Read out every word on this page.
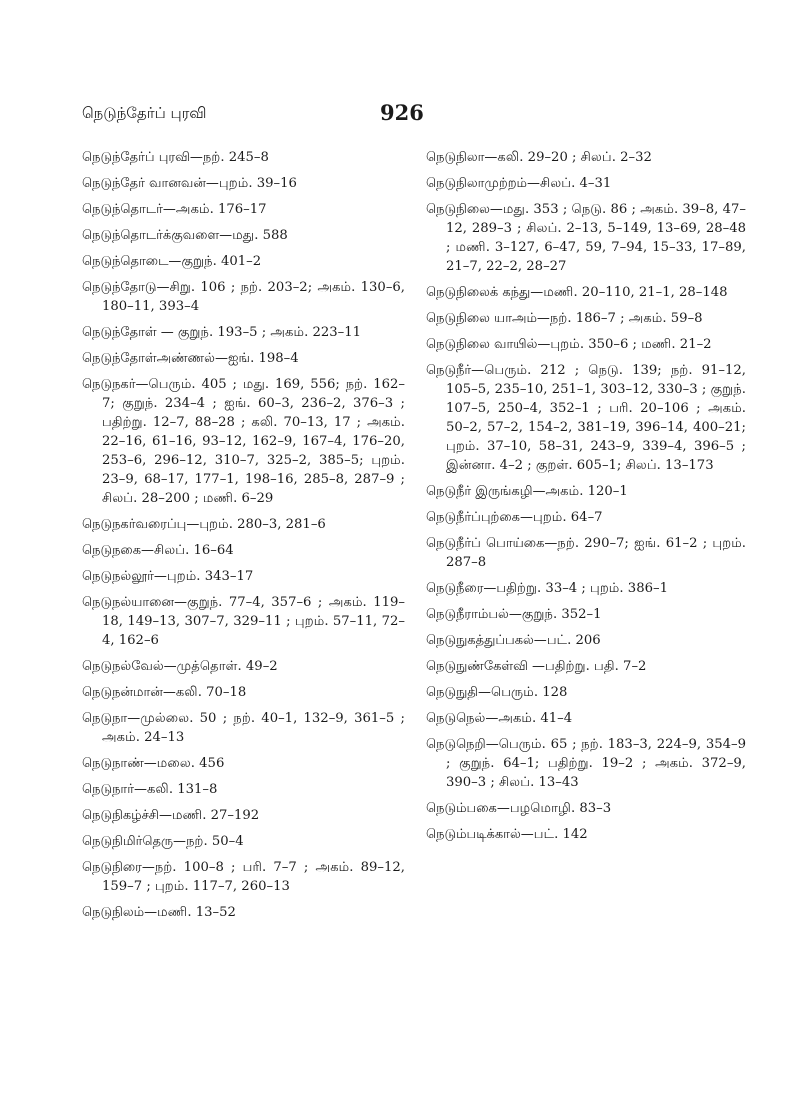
நெடுந்தேர்ப் புரவி	926
நெடுந்தேர்ப் புரவி—நற். 245–8
நெடுந்தேர் வானவன்—புறம். 39–16
நெடுந்தொடர்—அகம். 176–17
நெடுந்தொடர்க்குவளை—மது. 588
நெடுந்தொடை—குறுந். 401–2
நெடுந்தோடு—சிறு. 106 ; நற். 203–2; அகம். 130–6, 180–11, 393–4
நெடுந்தோள் — குறுந். 193–5 ; அகம். 223–11
நெடுந்தோள்அண்ணல்—ஐங். 198–4
நெடுநகர்—பெரும். 405 ; மது. 169, 556; நற். 162–7; குறுந். 234–4 ; ஐங். 60–3, 236–2, 376–3 ; பதிற்று. 12–7, 88–28 ; கலி. 70–13, 17 ; அகம். 22–16, 61–16, 93–12, 162–9, 167–4, 176–20, 253–6, 296–12, 310–7, 325–2, 385–5; புறம். 23–9, 68–17, 177–1, 198–16, 285–8, 287–9 ; சிலப். 28–200 ; மணி. 6–29
நெடுநகர்வரைப்பு—புறம். 280–3, 281–6
நெடுநகை—சிலப். 16–64
நெடுநல்லூர்—புறம். 343–17
நெடுநல்யானை—குறுந். 77–4, 357–6 ; அகம். 119–18, 149–13, 307–7, 329–11 ; புறம். 57–11, 72–4, 162–6
நெடுநல்வேல்—முத்தொள். 49–2
நெடுநன்மான்—கலி. 70–18
நெடுநா—முல்லை. 50 ; நற். 40–1, 132–9, 361–5 ; அகம். 24–13
நெடுநாண்—மலை. 456
நெடுநார்—கலி. 131–8
நெடுநிகழ்ச்சி—மணி. 27–192
நெடுநிமிர்தெரு—நற். 50–4
நெடுநிரை—நற். 100–8 ; பரி. 7–7 ; அகம். 89–12, 159–7 ; புறம். 117–7, 260–13
நெடுநிலம்—மணி. 13–52
நெடுநிலா—கலி. 29–20 ; சிலப். 2–32
நெடுநிலாமுற்றம்—சிலப். 4–31
நெடுநிலை—மது. 353 ; நெடு. 86 ; அகம். 39–8, 47–12, 289–3 ; சிலப். 2–13, 5–149, 13–69, 28–48 ; மணி. 3–127, 6–47, 59, 7–94, 15–33, 17–89, 21–7, 22–2, 28–27
நெடுநிலைக் கந்து—மணி. 20–110, 21–1, 28–148
நெடுநிலை யாஅம்—நற். 186–7 ; அகம். 59–8
நெடுநிலை வாயில்—புறம். 350–6 ; மணி. 21–2
நெடுநீர்—பெரும். 212 ; நெடு. 139; நற். 91–12, 105–5, 235–10, 251–1, 303–12, 330–3 ; குறுந். 107–5, 250–4, 352–1 ; பரி. 20–106 ; அகம். 50–2, 57–2, 154–2, 381–19, 396–14, 400–21; புறம். 37–10, 58–31, 243–9, 339–4, 396–5 ; இன்னா. 4–2 ; குறள். 605–1; சிலப். 13–173
நெடுநீர் இருங்கழி—அகம். 120–1
நெடுநீர்ப்புற்கை—புறம். 64–7
நெடுநீர்ப் பொய்கை—நற். 290–7; ஐங். 61–2 ; புறம். 287–8
நெடுநீரை—பதிற்று. 33–4 ; புறம். 386–1
நெடுநீராம்பல்—குறுந். 352–1
நெடுநுகத்துப்பகல்—பட். 206
நெடுநுண்கேள்வி —பதிற்று. பதி. 7–2
நெடுநுதி—பெரும். 128
நெடுநெல்—அகம். 41–4
நெடுநெறி—பெரும். 65 ; நற். 183–3, 224–9, 354–9 ; குறுந். 64–1; பதிற்று. 19–2 ; அகம். 372–9, 390–3 ; சிலப். 13–43
நெடும்பகை—பழமொழி. 83–3
நெடும்படிக்கால்—பட். 142
